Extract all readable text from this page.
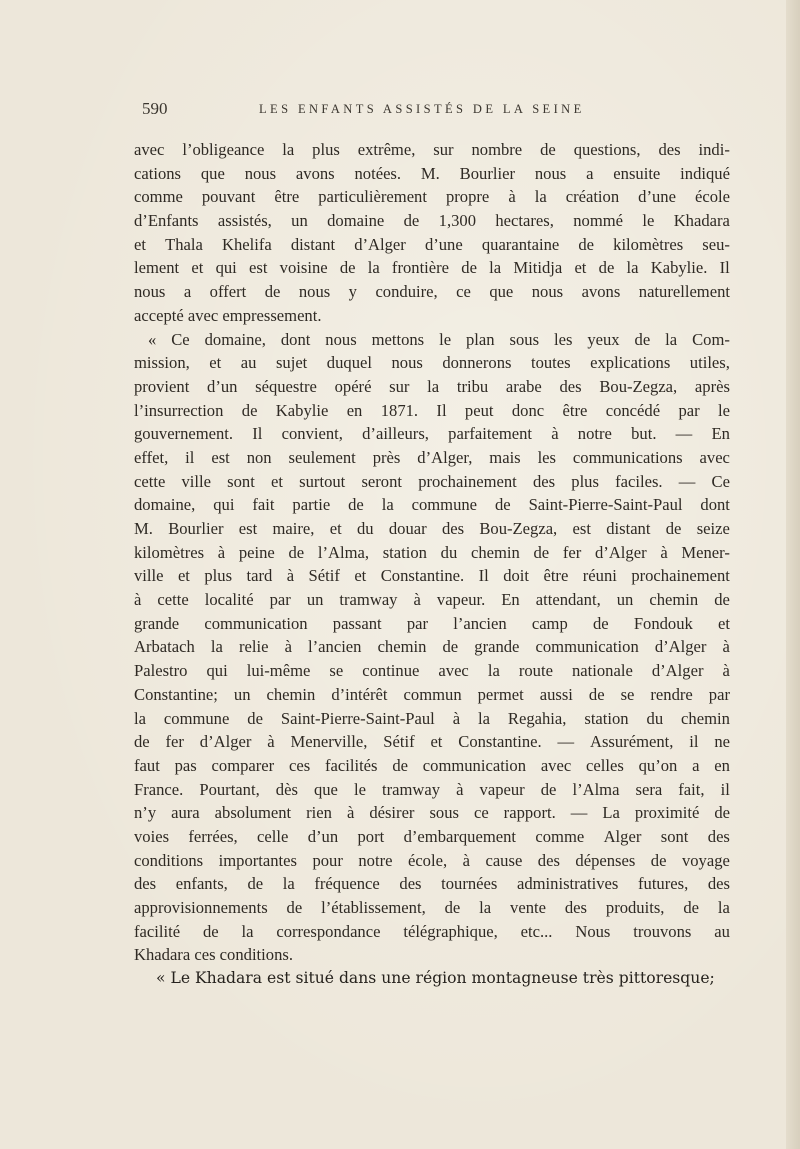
590	LES ENFANTS ASSISTÉS DE LA SEINE
avec l’obligeance la plus extrême, sur nombre de questions, des indi-
cations que nous avons notées. M. Bourlier nous a ensuite indiqué
comme pouvant être particulièrement propre à la création d’une école
d’Enfants assistés, un domaine de 1,300 hectares, nommé le Khadara
et Thala Khelifa distant d’Alger d’une quarantaine de kilomètres seu-
lement et qui est voisine de la frontière de la Mitidja et de la Kabylie. Il
nous a offert de nous y conduire, ce que nous avons naturellement
accepté avec empressement.
« Ce domaine, dont nous mettons le plan sous les yeux de la Com-
mission, et au sujet duquel nous donnerons toutes explications utiles,
provient d’un séquestre opéré sur la tribu arabe des Bou-Zegza, après
l’insurrection de Kabylie en 1871. Il peut donc être concédé par le
gouvernement. Il convient, d’ailleurs, parfaitement à notre but. — En
effet, il est non seulement près d’Alger, mais les communications avec
cette ville sont et surtout seront prochainement des plus faciles. — Ce
domaine, qui fait partie de la commune de Saint-Pierre-Saint-Paul dont
M. Bourlier est maire, et du douar des Bou-Zegza, est distant de seize
kilomètres à peine de l’Alma, station du chemin de fer d’Alger à Mener-
ville et plus tard à Sétif et Constantine. Il doit être réuni prochainement
à cette localité par un tramway à vapeur. En attendant, un chemin de
grande communication passant par l’ancien camp de Fondouk et
Arbatach la relie à l’ancien chemin de grande communication d’Alger à
Palestro qui lui-même se continue avec la route nationale d’Alger à
Constantine; un chemin d’intérêt commun permet aussi de se rendre par
la commune de Saint-Pierre-Saint-Paul à la Regahia, station du chemin
de fer d’Alger à Menerville, Sétif et Constantine. — Assurément, il ne
faut pas comparer ces facilités de communication avec celles qu’on a en
France. Pourtant, dès que le tramway à vapeur de l’Alma sera fait, il
n’y aura absolument rien à désirer sous ce rapport. — La proximité de
voies ferrées, celle d’un port d’embarquement comme Alger sont des
conditions importantes pour notre école, à cause des dépenses de voyage
des enfants, de la fréquence des tournées administratives futures, des
approvisionnements de l’établissement, de la vente des produits, de la
facilité de la correspondance télégraphique, etc... Nous trouvons au
Khadara ces conditions.
« Le Khadara est situé dans une région montagneuse très pittoresque;
